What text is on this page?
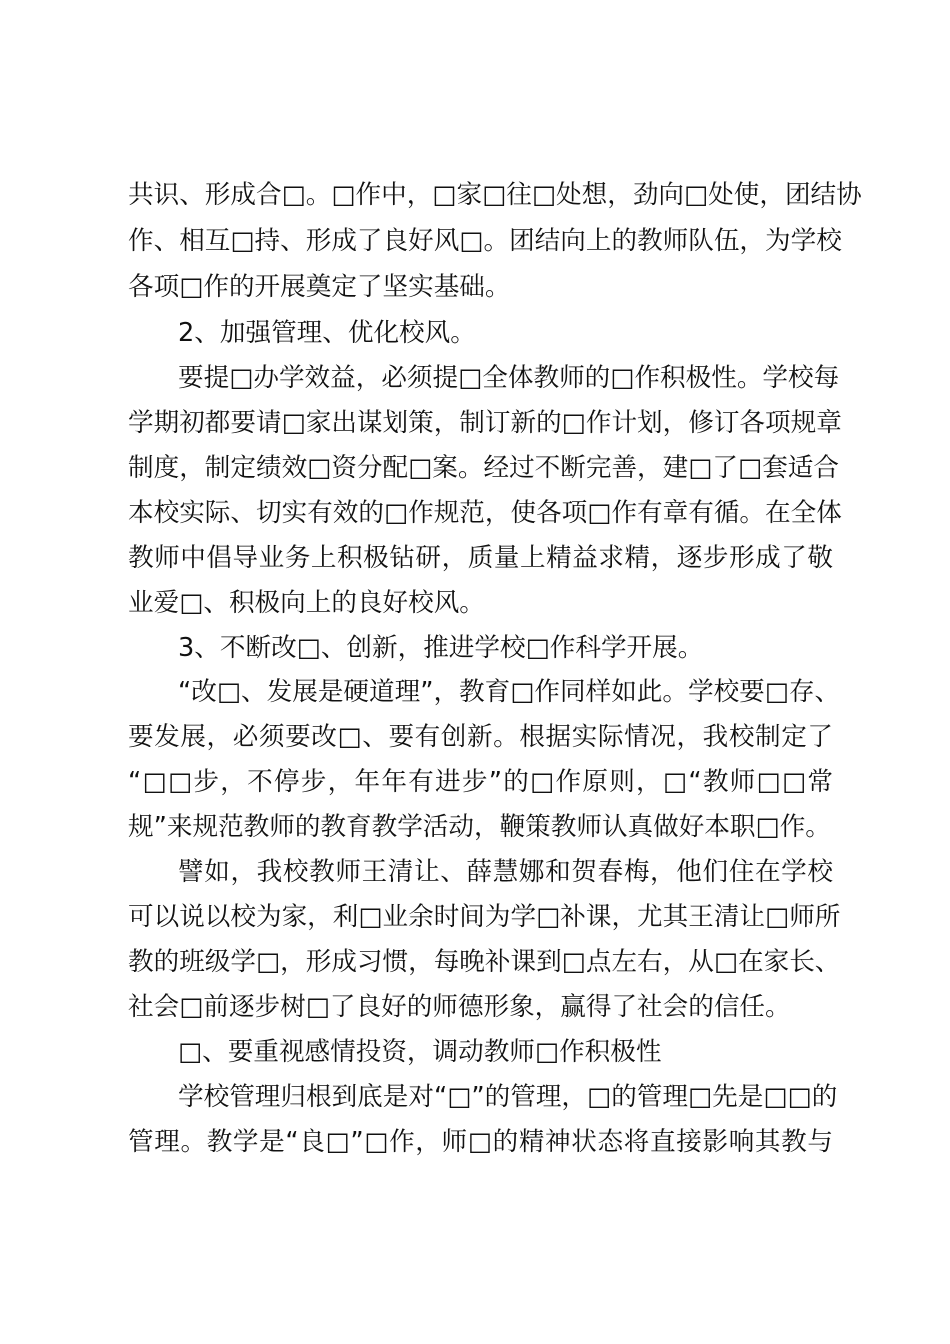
共识、形成合□。□作中，□家□往□处想，劲向□处使，团结协
作、相互□持、形成了良好风□。团结向上的教师队伍，为学校
各项□作的开展奠定了坚实基础。
2、加强管理、优化校风。
要提□办学效益，必须提□全体教师的□作积极性。学校每
学期初都要请□家出谋划策，制订新的□作计划，修订各项规章
制度，制定绩效□资分配□案。经过不断完善，建□了□套适合
本校实际、切实有效的□作规范，使各项□作有章有循。在全体
教师中倡导业务上积极钻研，质量上精益求精，逐步形成了敬
业爱□、积极向上的良好校风。
3、不断改□、创新，推进学校□作科学开展。
“改□、发展是硬道理”，教育□作同样如此。学校要□存、
要发展，必须要改□、要有创新。根据实际情况，我校制定了
“□□步，不停步，年年有进步”的□作原则，□“教师□□常
规”来规范教师的教育教学活动，鞭策教师认真做好本职□作。
譬如，我校教师王清让、薛慧娜和贺春梅，他们住在学校
可以说以校为家，利□业余时间为学□补课，尤其王清让□师所
教的班级学□，形成习惯，每晚补课到□点左右，从□在家长、
社会□前逐步树□了良好的师德形象，赢得了社会的信任。
□、要重视感情投资，调动教师□作积极性
学校管理归根到底是对“□”的管理，□的管理□先是□□的
管理。教学是“良□”□作，师□的精神状态将直接影响其教与
